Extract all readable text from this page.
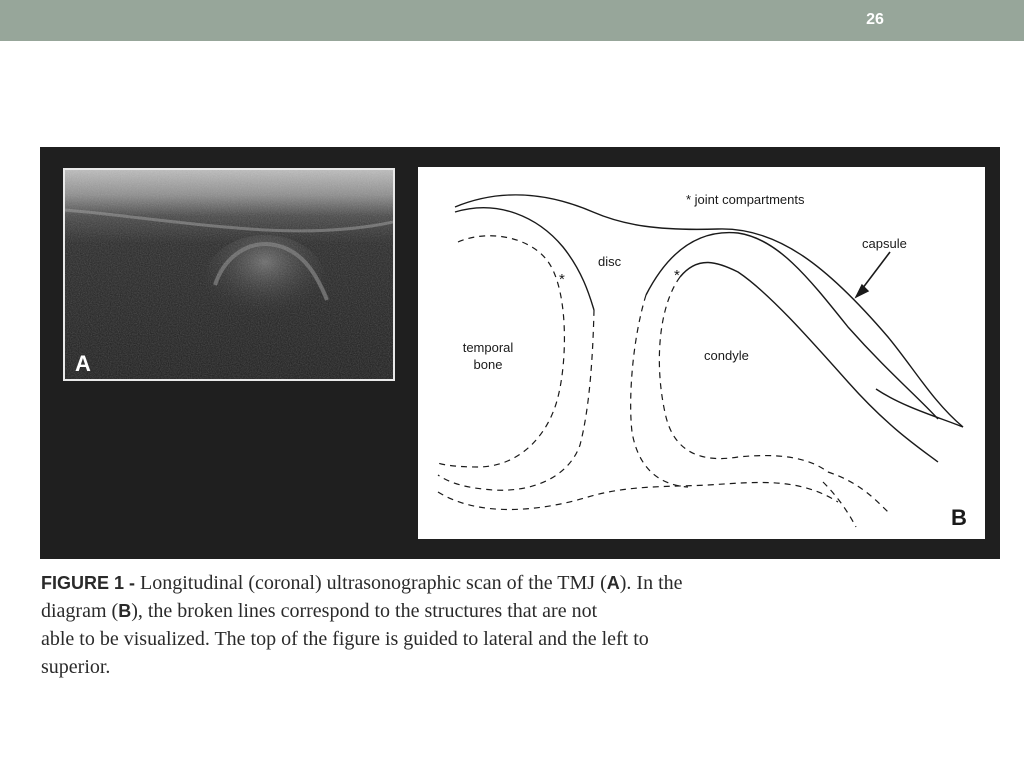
26
A
* joint compartments
capsule
disc
temporal
bone
condyle
*	*
B

FIGURE 1 - Longitudinal (coronal) ultrasonographic scan of the TMJ (A). In the
diagram (B), the broken lines correspond to the structures that are not
able to be visualized. The top of the figure is guided to lateral and the left to
superior.
